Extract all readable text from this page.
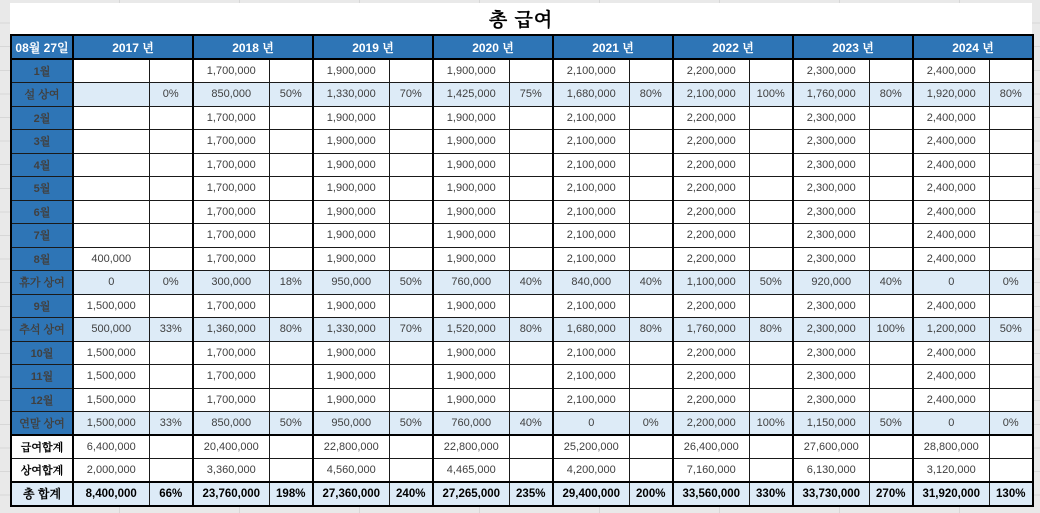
총 급여
08월 27일	2017 년		2018 년		2019 년		2020 년		2021 년		2022 년		2023 년		2024 년	
1월			1,700,000		1,900,000		1,900,000		2,100,000		2,200,000		2,300,000		2,400,000	
설 상여		0%	850,000	50%	1,330,000	70%	1,425,000	75%	1,680,000	80%	2,100,000	100%	1,760,000	80%	1,920,000	80%
2월			1,700,000		1,900,000		1,900,000		2,100,000		2,200,000		2,300,000		2,400,000	
3월			1,700,000		1,900,000		1,900,000		2,100,000		2,200,000		2,300,000		2,400,000	
4월			1,700,000		1,900,000		1,900,000		2,100,000		2,200,000		2,300,000		2,400,000	
5월			1,700,000		1,900,000		1,900,000		2,100,000		2,200,000		2,300,000		2,400,000	
6월			1,700,000		1,900,000		1,900,000		2,100,000		2,200,000		2,300,000		2,400,000	
7월			1,700,000		1,900,000		1,900,000		2,100,000		2,200,000		2,300,000		2,400,000	
8월	400,000		1,700,000		1,900,000		1,900,000		2,100,000		2,200,000		2,300,000		2,400,000	
휴가 상여	0	0%	300,000	18%	950,000	50%	760,000	40%	840,000	40%	1,100,000	50%	920,000	40%	0	0%
9월	1,500,000		1,700,000		1,900,000		1,900,000		2,100,000		2,200,000		2,300,000		2,400,000	
추석 상여	500,000	33%	1,360,000	80%	1,330,000	70%	1,520,000	80%	1,680,000	80%	1,760,000	80%	2,300,000	100%	1,200,000	50%
10월	1,500,000		1,700,000		1,900,000		1,900,000		2,100,000		2,200,000		2,300,000		2,400,000	
11월	1,500,000		1,700,000		1,900,000		1,900,000		2,100,000		2,200,000		2,300,000		2,400,000	
12월	1,500,000		1,700,000		1,900,000		1,900,000		2,100,000		2,200,000		2,300,000		2,400,000	
연말 상여	1,500,000	33%	850,000	50%	950,000	50%	760,000	40%	0	0%	2,200,000	100%	1,150,000	50%	0	0%
급여합계	6,400,000		20,400,000		22,800,000		22,800,000		25,200,000		26,400,000		27,600,000		28,800,000	
상여합계	2,000,000		3,360,000		4,560,000		4,465,000		4,200,000		7,160,000		6,130,000		3,120,000	
총 합계	8,400,000	66%	23,760,000	198%	27,360,000	240%	27,265,000	235%	29,400,000	200%	33,560,000	330%	33,730,000	270%	31,920,000	130%
